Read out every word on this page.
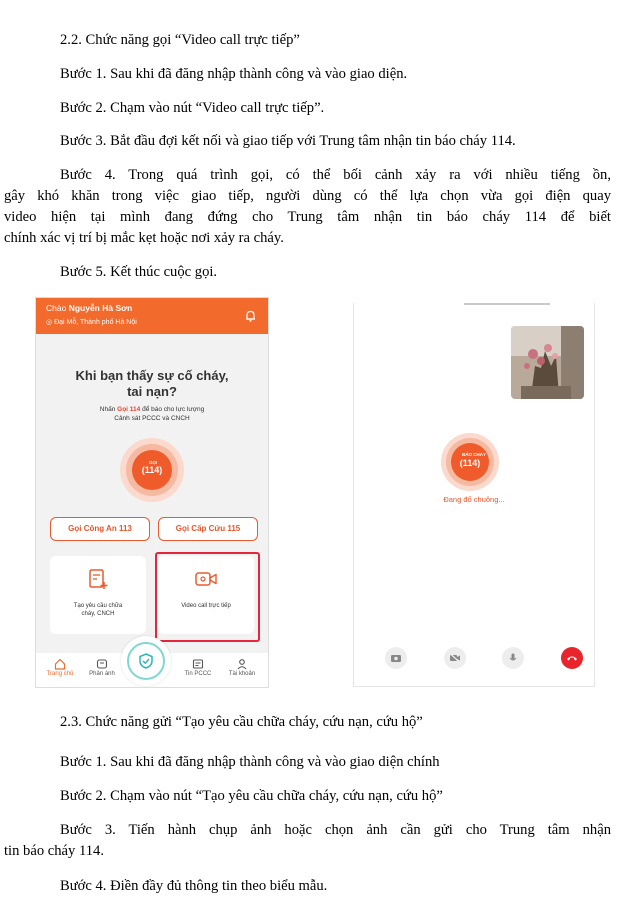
2.2. Chức năng gọi “Video call trực tiếp”
Bước 1. Sau khi đã đăng nhập thành công và vào giao diện.
Bước 2. Chạm vào nút “Video call trực tiếp”.
Bước 3. Bắt đầu đợi kết nối và giao tiếp với Trung tâm nhận tin báo cháy 114.
Bước 4. Trong quá trình gọi, có thể bối cảnh xảy ra với nhiều tiếng ồn,
gây khó khăn trong việc giao tiếp, người dùng có thể lựa chọn vừa gọi điện quay
video hiện tại mình đang đứng cho Trung tâm nhận tin báo cháy 114 để biết
chính xác vị trí bị mắc kẹt hoặc nơi xảy ra cháy.
Bước 5. Kết thúc cuộc gọi.
Chào Nguyễn Hà Sơn
◎ Đại Mỗ, Thành phố Hà Nội
Khi bạn thấy sự cố cháy,
tai nạn?
Nhấn Gọi 114 để báo cho lực lượng
Cảnh sát PCCC và CNCH
GỌI
(114)
Gọi Công An 113	Gọi Cấp Cứu 115
Tạo yêu cầu chữa
cháy, CNCH
Video call trực tiếp
Trang chủ	Phản ánh	Tin PCCC	Tài khoản
BÁO CHÁY
(114)
Đang đổ chuông...
2.3. Chức năng gửi “Tạo yêu cầu chữa cháy, cứu nạn, cứu hộ”
Bước 1. Sau khi đã đăng nhập thành công và vào giao diện chính
Bước 2. Chạm vào nút “Tạo yêu cầu chữa cháy, cứu nạn, cứu hộ”
Bước 3. Tiến hành chụp ảnh hoặc chọn ảnh cần gửi cho Trung tâm nhận
tin báo cháy 114.
Bước 4. Điền đầy đủ thông tin theo biểu mẫu.
